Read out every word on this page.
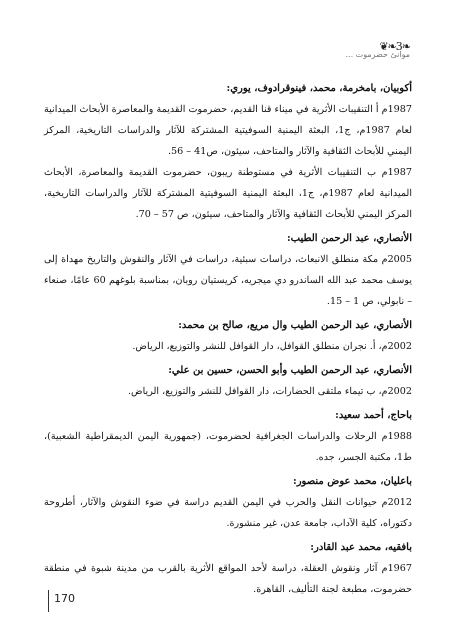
موانئ حضرموت ...
❧3❧❦

أكوبيان، بامخرمة، محمد، فينوقرادوف، يوري:

1987م أ التنقيبات الأثرية في ميناء قنا القديم، حضرموت القديمة والمعاصرة الأبحاث الميدانية لعام 1987م، ج1، البعثة اليمنية السوفيتية المشتركة للآثار والدراسات التاريخية، المركز اليمني للأبحاث الثقافية والآثار والمتاحف، سيئون، ص41 – 56.

1987م ب التنقيبات الأثرية في مستوطنة ريبون، حضرموت القديمة والمعاصرة، الأبحاث الميدانية لعام 1987م، ج1، البعثة اليمنية السوفيتية المشتركة للآثار والدراسات التاريخية، المركز اليمني للأبحاث الثقافية والآثار والمتاحف، سيئون، ص 57 – 70.

الأنصاري، عبد الرحمن الطيب:

2005م مكة منطلق الانبعاث، دراسات سبئية، دراسات في الآثار والنقوش والتاريخ مهداة إلى يوسف محمد عبد الله الساندرو دي ميجريه، كريستيان روبان، بمناسبة بلوغهم 60 عامًا، صنعاء – نابولي، ص 1 – 15.

الأنصاري، عبد الرحمن الطيب وال مريع، صالح بن محمد:

2002م، أ. نجران منطلق القوافل، دار القوافل للنشر والتوزيع، الرياض.

الأنصاري، عبد الرحمن الطيب وأبو الحسن، حسين بن علي:

2002م، ب تيماء ملتقى الحضارات، دار القوافل للنشر والتوزيع، الرياض.

باحاج، أحمد سعيد:

1988م الرحلات والدراسات الجغرافية لحضرموت، (جمهورية اليمن الديمقراطية الشعبية)، ط1، مكتبة الجسر، جده.

باعليان، محمد عوض منصور:

2012م حيوانات النقل والحرب في اليمن القديم دراسة في ضوء النقوش والآثار، أطروحة دكتوراه، كلية الآداب، جامعة عدن، غير منشورة.

بافقيه، محمد عبد القادر:

1967م آثار ونقوش العقلة، دراسة لأحد المواقع الأثرية بالقرب من مدينة شبوة في منطقة حضرموت، مطبعة لجنة التأليف، القاهرة.

170
